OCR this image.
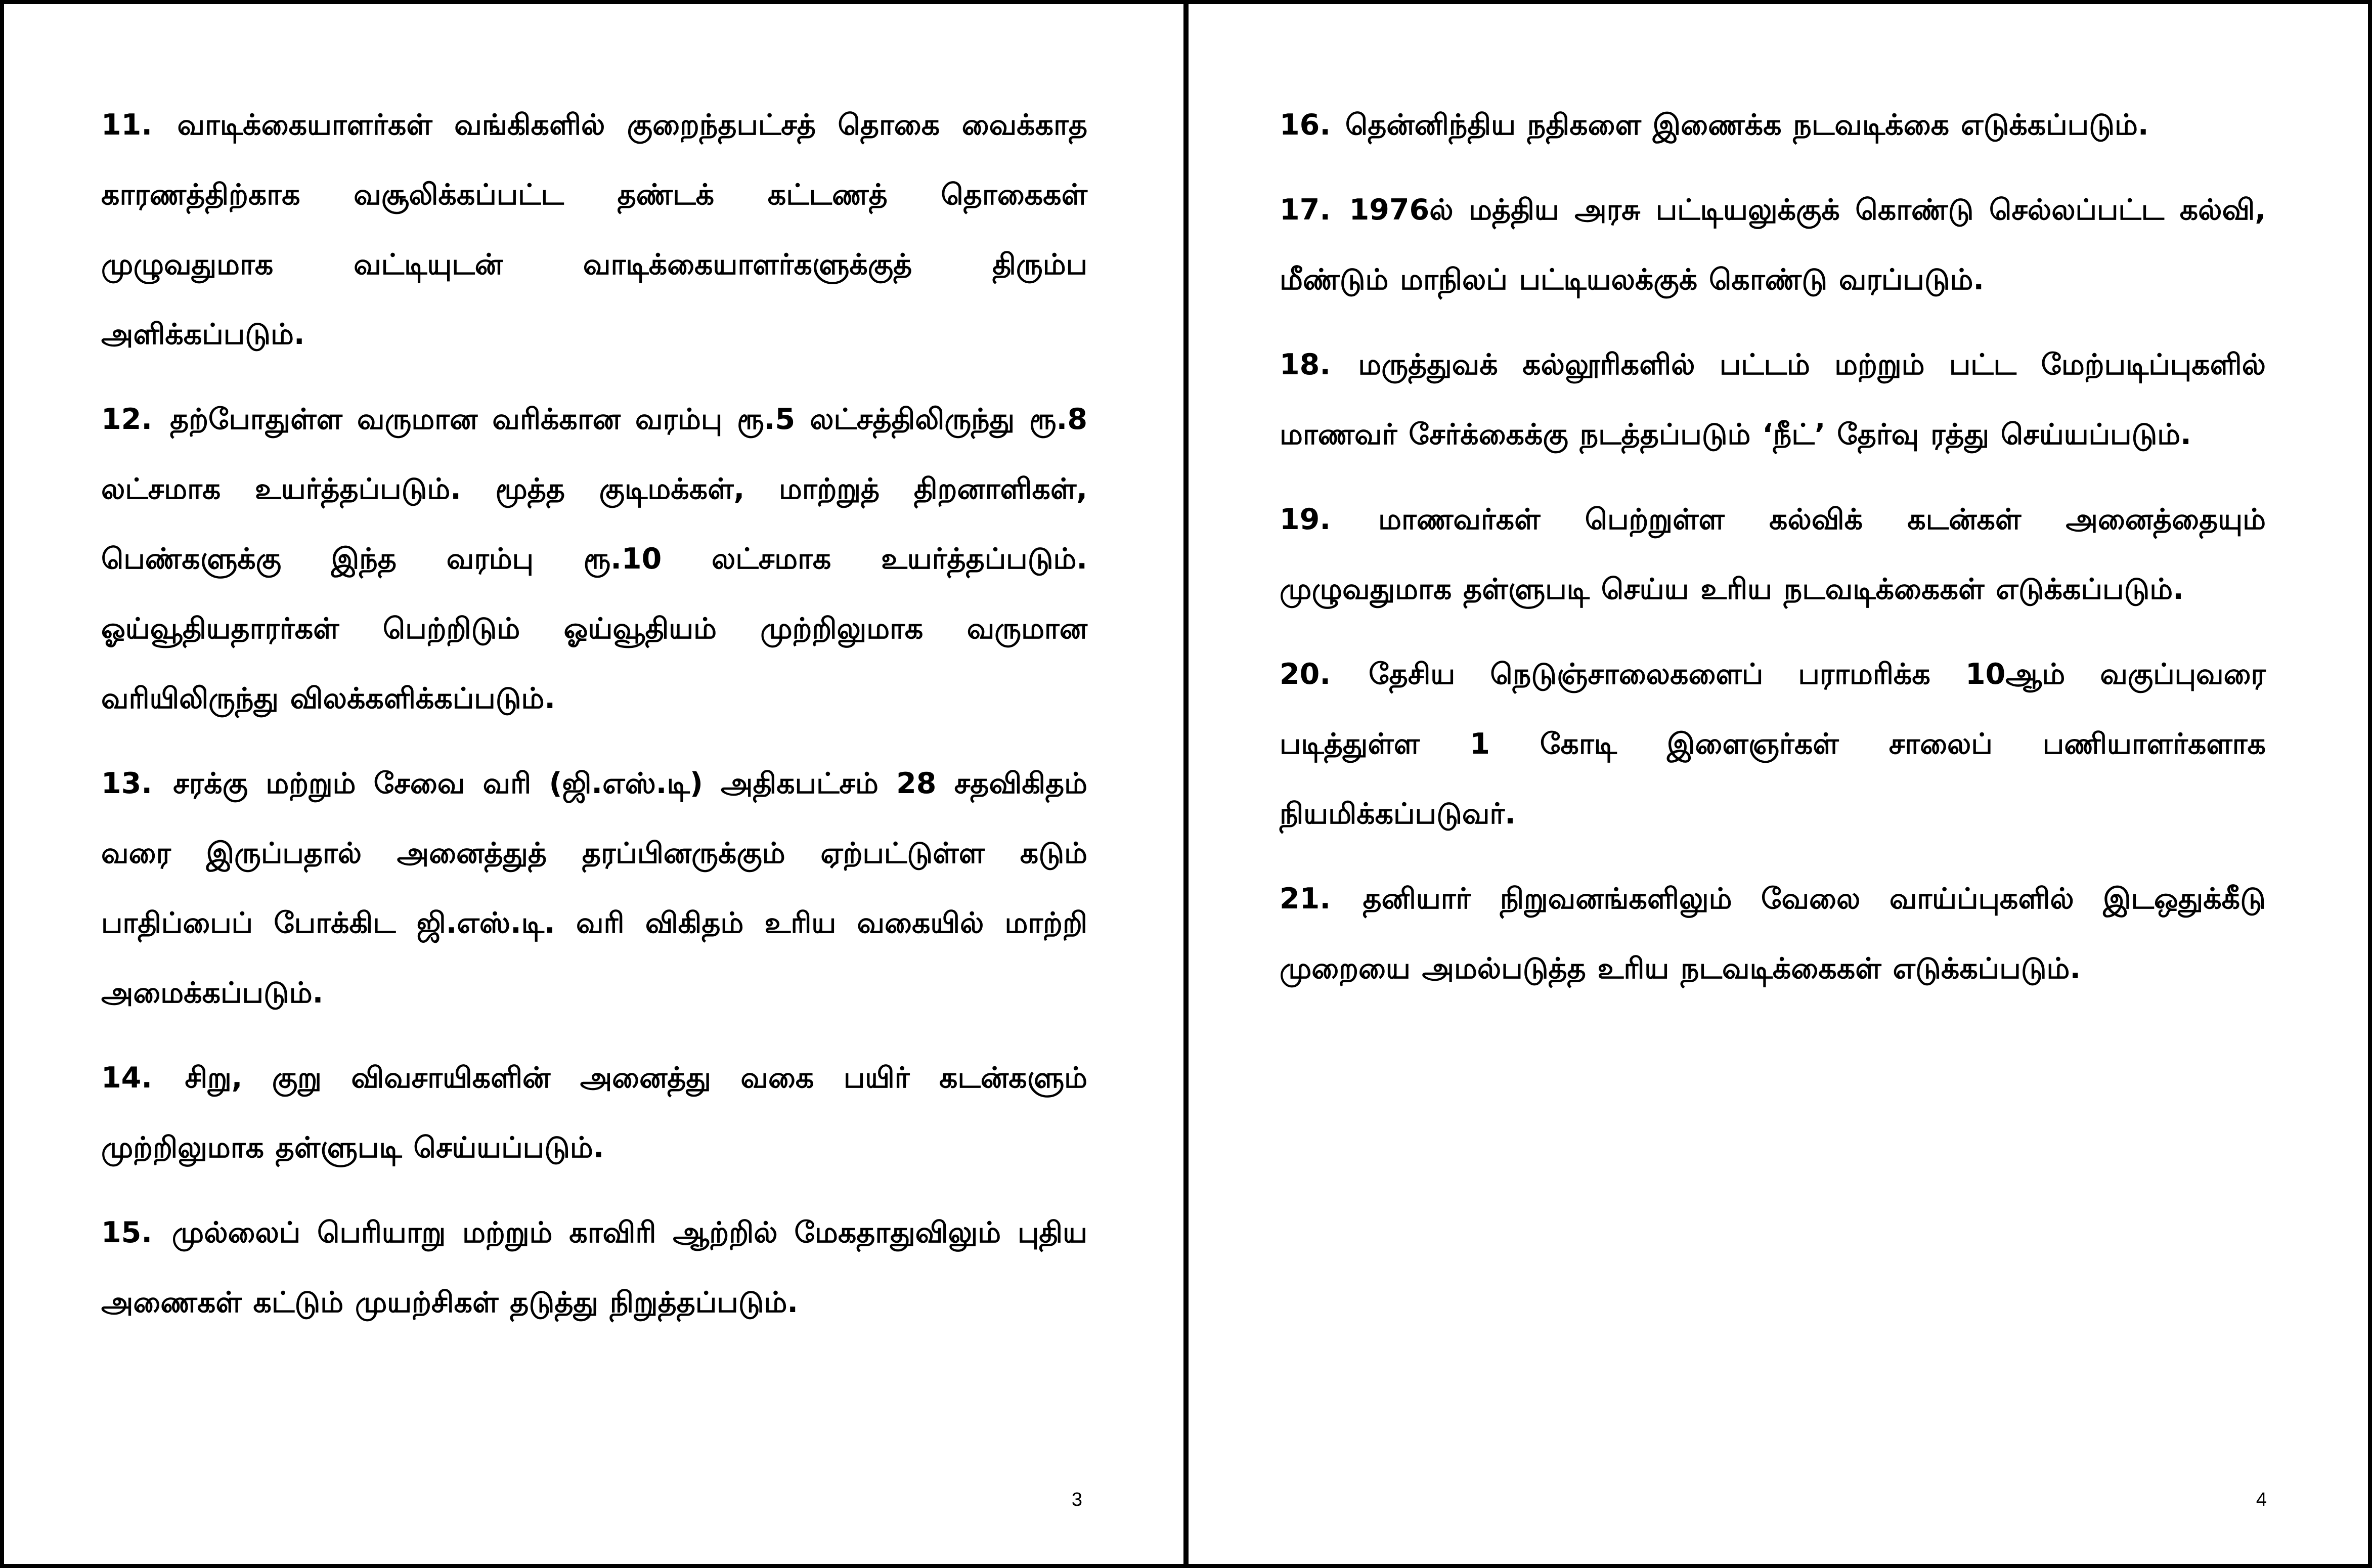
11. வாடிக்கையாளர்கள் வங்கிகளில் குறைந்தபட்சத் தொகை வைக்காத காரணத்திற்காக வசூலிக்கப்பட்ட தண்டக் கட்டணத் தொகைகள் முழுவதுமாக வட்டியுடன் வாடிக்கையாளர்களுக்குத் திரும்ப அளிக்கப்படும்.

12. தற்போதுள்ள வருமான வரிக்கான வரம்பு ரூ.5 லட்சத்திலிருந்து ரூ.8 லட்சமாக உயர்த்தப்படும். மூத்த குடிமக்கள், மாற்றுத் திறனாளிகள், பெண்களுக்கு இந்த வரம்பு ரூ.10 லட்சமாக உயர்த்தப்படும். ஓய்வூதியதாரர்கள் பெற்றிடும் ஓய்வூதியம் முற்றிலுமாக வருமான வரியிலிருந்து விலக்களிக்கப்படும்.

13. சரக்கு மற்றும் சேவை வரி (ஜி.எஸ்.டி) அதிகபட்சம் 28 சதவிகிதம் வரை இருப்பதால் அனைத்துத் தரப்பினருக்கும் ஏற்பட்டுள்ள கடும் பாதிப்பைப் போக்கிட ஜி.எஸ்.டி. வரி விகிதம் உரிய வகையில் மாற்றி அமைக்கப்படும்.

14. சிறு, குறு விவசாயிகளின் அனைத்து வகை பயிர் கடன்களும் முற்றிலுமாக தள்ளுபடி செய்யப்படும்.

15. முல்லைப் பெரியாறு மற்றும் காவிரி ஆற்றில் மேகதாதுவிலும் புதிய அணைகள் கட்டும் முயற்சிகள் தடுத்து நிறுத்தப்படும்.

3

16. தென்னிந்திய நதிகளை இணைக்க நடவடிக்கை எடுக்கப்படும்.

17. 1976ல் மத்திய அரசு பட்டியலுக்குக் கொண்டு செல்லப்பட்ட கல்வி, மீண்டும் மாநிலப் பட்டியலக்குக் கொண்டு வரப்படும்.

18. மருத்துவக் கல்லூரிகளில் பட்டம் மற்றும் பட்ட மேற்படிப்புகளில் மாணவர் சேர்க்கைக்கு நடத்தப்படும் ‘நீட்’ தேர்வு ரத்து செய்யப்படும்.

19. மாணவர்கள் பெற்றுள்ள கல்விக் கடன்கள் அனைத்தையும் முழுவதுமாக தள்ளுபடி செய்ய உரிய நடவடிக்கைகள் எடுக்கப்படும்.

20. தேசிய நெடுஞ்சாலைகளைப் பராமரிக்க 10ஆம் வகுப்புவரை படித்துள்ள 1 கோடி இளைஞர்கள் சாலைப் பணியாளர்களாக நியமிக்கப்படுவர்.

21. தனியார் நிறுவனங்களிலும் வேலை வாய்ப்புகளில் இடஒதுக்கீடு முறையை அமல்படுத்த உரிய நடவடிக்கைகள் எடுக்கப்படும்.

4
